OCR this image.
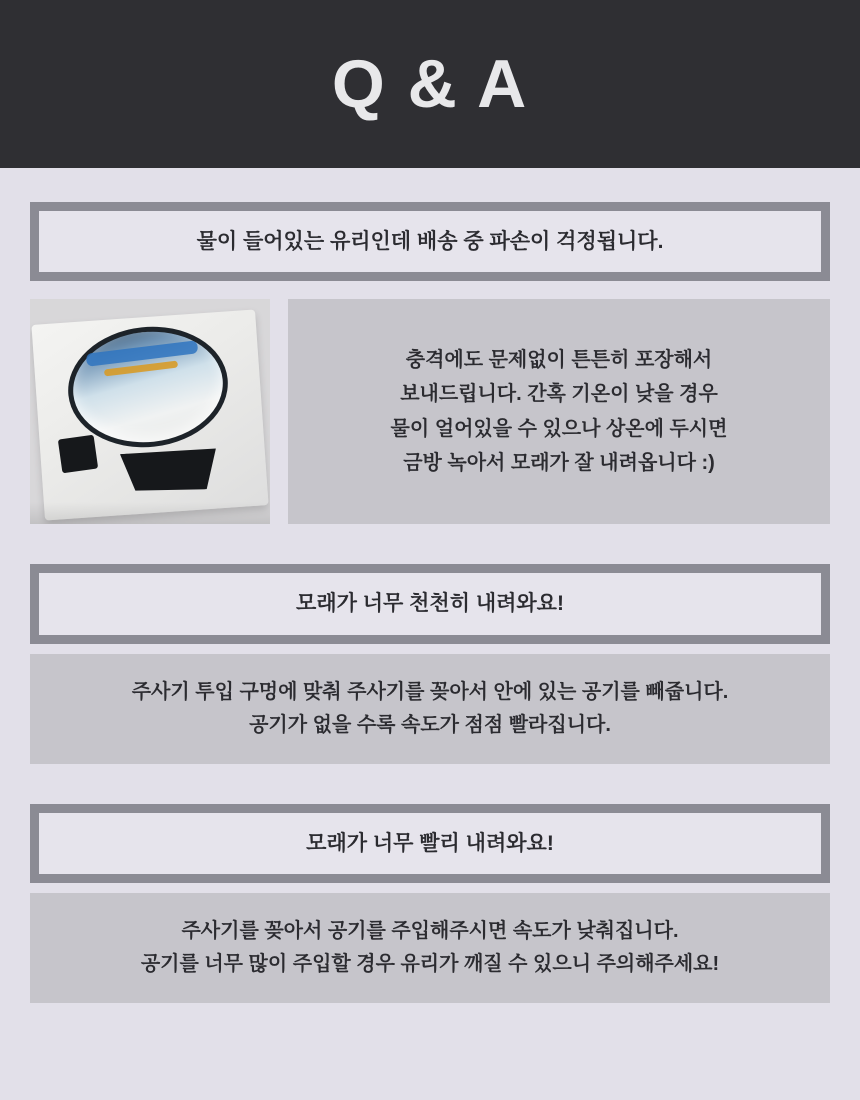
Q & A
물이 들어있는 유리인데 배송 중 파손이 걱정됩니다.
충격에도 문제없이 튼튼히 포장해서
보내드립니다. 간혹 기온이 낮을 경우
물이 얼어있을 수 있으나 상온에 두시면
금방 녹아서 모래가 잘 내려옵니다 :)
모래가 너무 천천히 내려와요!
주사기 투입 구멍에 맞춰 주사기를 꽂아서 안에 있는 공기를 빼줍니다.
공기가 없을 수록 속도가 점점 빨라집니다.
모래가 너무 빨리 내려와요!
주사기를 꽂아서 공기를 주입해주시면 속도가 낮춰집니다.
공기를 너무 많이 주입할 경우 유리가 깨질 수 있으니 주의해주세요!
